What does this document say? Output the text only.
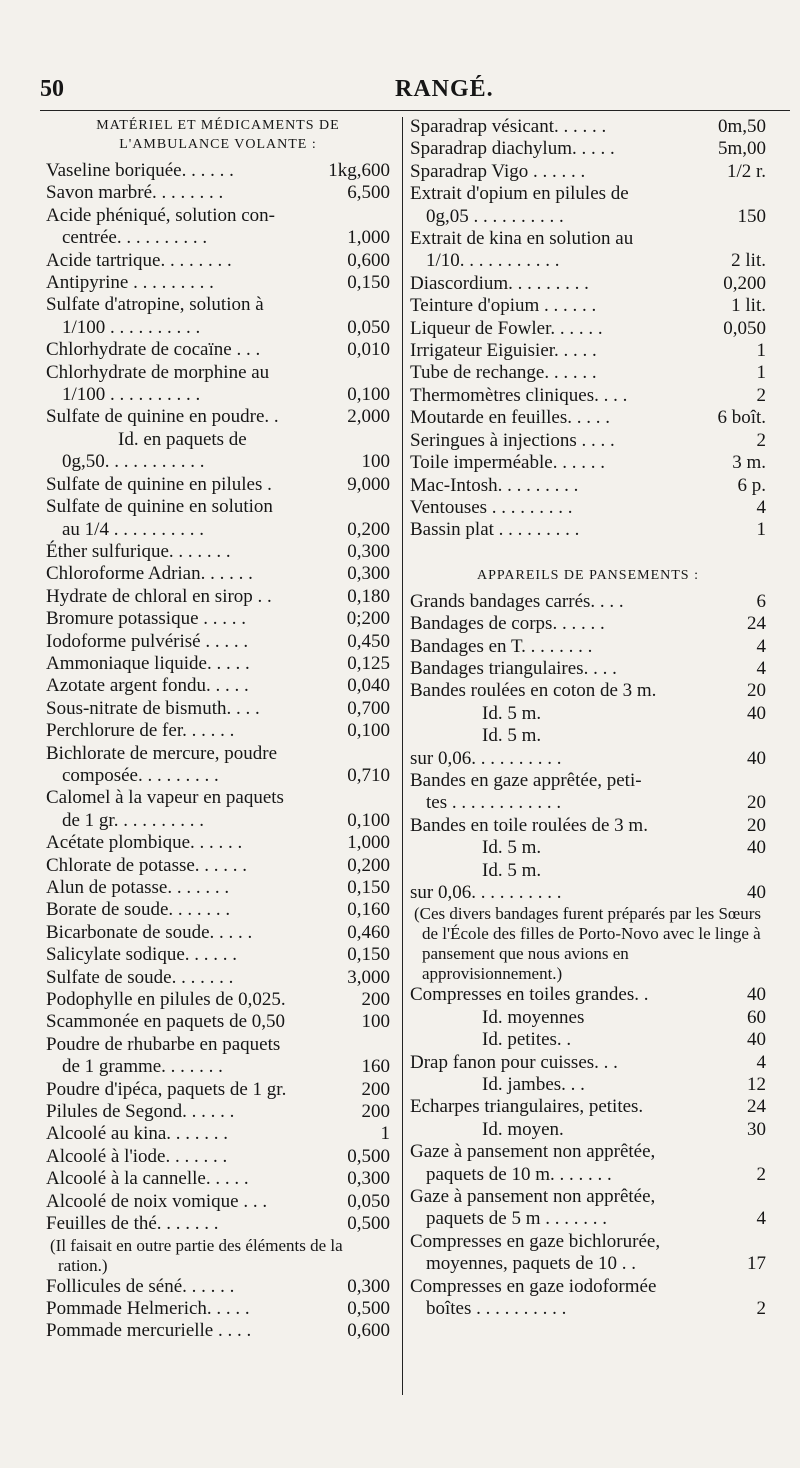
50	RANGÉ.
MATÉRIEL ET MÉDICAMENTS DE L'AMBULANCE VOLANTE :
Vaseline boriquée. . . . . .	1kg,600
Savon marbré. . . . . . . .	6,500
Acide phéniqué, solution con-
centrée. . . . . . . . . .	1,000
Acide tartrique. . . . . . . .	0,600
Antipyrine . . . . . . . . .	0,150
Sulfate d'atropine, solution à
1/100 . . . . . . . . . .	0,050
Chlorhydrate de cocaïne . . .	0,010
Chlorhydrate de morphine au
1/100 . . . . . . . . . .	0,100
Sulfate de quinine en poudre. .	2,000
Id. en paquets de
0g,50. . . . . . . . . . .	100
Sulfate de quinine en pilules .	9,000
Sulfate de quinine en solution
au 1/4 . . . . . . . . . .	0,200
Éther sulfurique. . . . . . .	0,300
Chloroforme Adrian. . . . . .	0,300
Hydrate de chloral en sirop . .	0,180
Bromure potassique . . . . .	0;200
Iodoforme pulvérisé . . . . .	0,450
Ammoniaque liquide. . . . .	0,125
Azotate argent fondu. . . . .	0,040
Sous-nitrate de bismuth. . . .	0,700
Perchlorure de fer. . . . . .	0,100
Bichlorate de mercure, poudre
composée. . . . . . . . .	0,710
Calomel à la vapeur en paquets
de 1 gr. . . . . . . . . .	0,100
Acétate plombique. . . . . .	1,000
Chlorate de potasse. . . . . .	0,200
Alun de potasse. . . . . . .	0,150
Borate de soude. . . . . . .	0,160
Bicarbonate de soude. . . . .	0,460
Salicylate sodique. . . . . .	0,150
Sulfate de soude. . . . . . .	3,000
Podophylle en pilules de 0,025.	200
Scammonée en paquets de 0,50	100
Poudre de rhubarbe en paquets
de 1 gramme. . . . . . .	160
Poudre d'ipéca, paquets de 1 gr.	200
Pilules de Segond. . . . . .	200
Alcoolé au kina. . . . . . .	1
Alcoolé à l'iode. . . . . . .	0,500
Alcoolé à la cannelle. . . . .	0,300
Alcoolé de noix vomique . . .	0,050
Feuilles de thé. . . . . . .	0,500
(Il faisait en outre partie des éléments de la ration.)
Follicules de séné. . . . . .	0,300
Pommade Helmerich. . . . .	0,500
Pommade mercurielle . . . .	0,600
Sparadrap vésicant. . . . . .	0m,50
Sparadrap diachylum. . . . .	5m,00
Sparadrap Vigo . . . . . .	1/2 r.
Extrait d'opium en pilules de
0g,05 . . . . . . . . . .	150
Extrait de kina en solution au
1/10. . . . . . . . . . .	2 lit.
Diascordium. . . . . . . . .	0,200
Teinture d'opium . . . . . .	1 lit.
Liqueur de Fowler. . . . . .	0,050
Irrigateur Eiguisier. . . . .	1
Tube de rechange. . . . . .	1
Thermomètres cliniques. . . .	2
Moutarde en feuilles. . . . .	6 boît.
Seringues à injections . . . .	2
Toile imperméable. . . . . .	3 m.
Mac-Intosh. . . . . . . . .	6 p.
Ventouses . . . . . . . . .	4
Bassin plat . . . . . . . . .	1
APPAREILS DE PANSEMENTS :
Grands bandages carrés. . . .	6
Bandages de corps. . . . . .	24
Bandages en T. . . . . . . .	4
Bandages triangulaires. . . .	4
Bandes roulées en coton de 3 m.	20
Id. 5 m.	40
Id. 5 m.
sur 0,06. . . . . . . . . .	40
Bandes en gaze apprêtée, peti-
tes . . . . . . . . . . . .	20
Bandes en toile roulées de 3 m.	20
Id. 5 m.	40
Id. 5 m.
sur 0,06. . . . . . . . . .	40
(Ces divers bandages furent préparés par les Sœurs de l'École des filles de Porto-Novo avec le linge à pansement que nous avions en approvisionnement.)
Compresses en toiles grandes. .	40
Id. moyennes	60
Id. petites. .	40
Drap fanon pour cuisses. . .	4
Id. jambes. . .	12
Echarpes triangulaires, petites.	24
Id. moyen.	30
Gaze à pansement non apprêtée,
paquets de 10 m. . . . . . .	2
Gaze à pansement non apprêtée,
paquets de 5 m . . . . . . .	4
Compresses en gaze bichlorurée,
moyennes, paquets de 10 . .	17
Compresses en gaze iodoformée
boîtes . . . . . . . . . .	2
